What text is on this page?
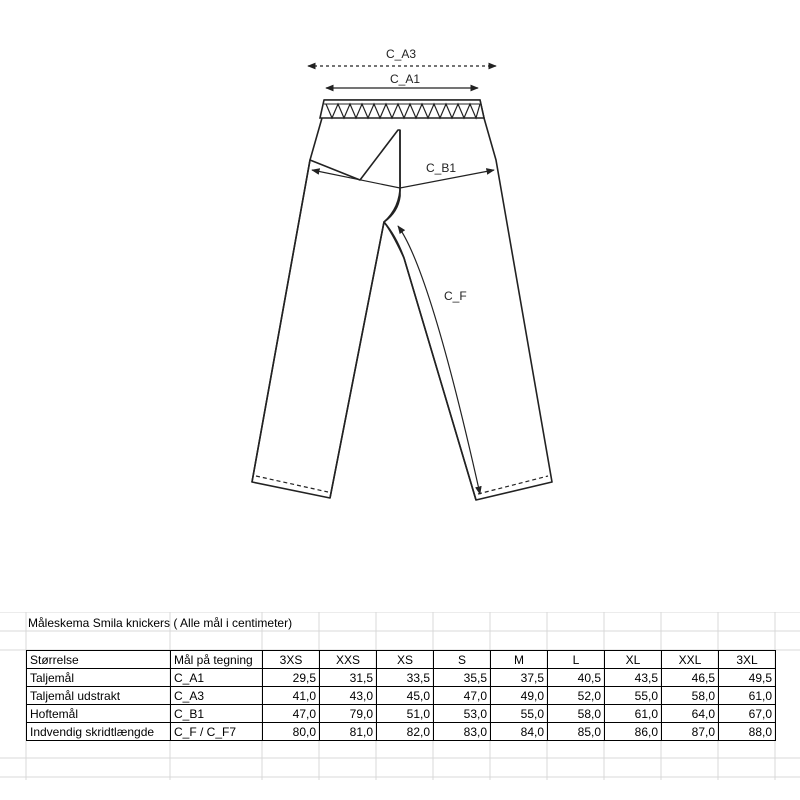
C_A3
C_A1
C_B1
C_F
Måleskema Smila knickers ( Alle mål i centimeter)
Størrelse	Mål på tegning	3XS	XXS	XS	S	M	L	XL	XXL	3XL
Taljemål	C_A1	29,5	31,5	33,5	35,5	37,5	40,5	43,5	46,5	49,5
Taljemål udstrakt	C_A3	41,0	43,0	45,0	47,0	49,0	52,0	55,0	58,0	61,0
Hoftemål	C_B1	47,0	79,0	51,0	53,0	55,0	58,0	61,0	64,0	67,0
Indvendig skridtlængde	C_F / C_F7	80,0	81,0	82,0	83,0	84,0	85,0	86,0	87,0	88,0
